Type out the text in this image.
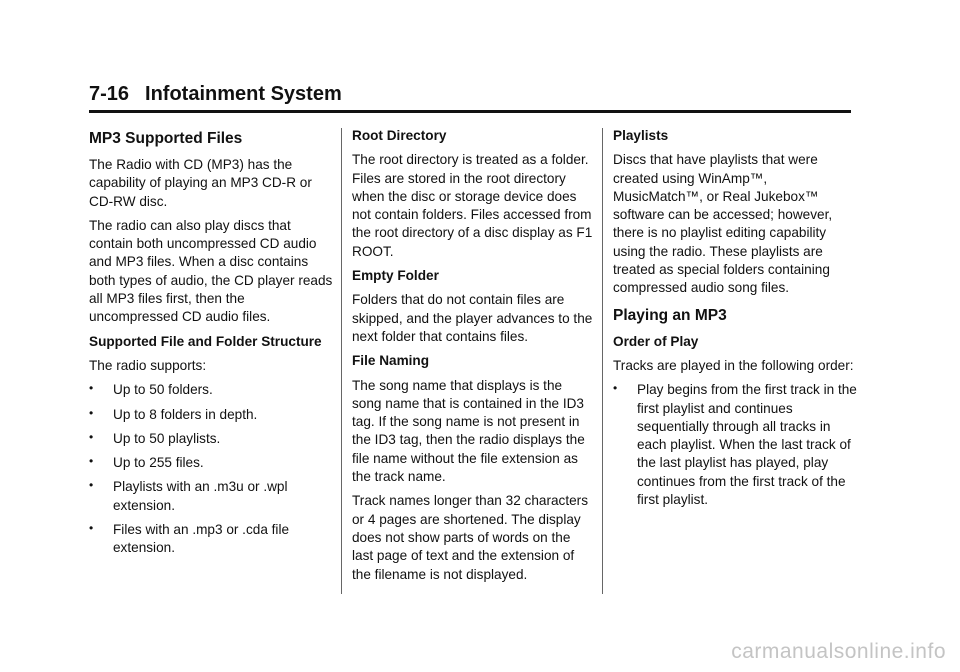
7-16 Infotainment System
MP3 Supported Files

The Radio with CD (MP3) has the capability of playing an MP3 CD-R or CD-RW disc.

The radio can also play discs that contain both uncompressed CD audio and MP3 files. When a disc contains both types of audio, the CD player reads all MP3 files first, then the uncompressed CD audio files.

Supported File and Folder Structure

The radio supports:

• Up to 50 folders.
• Up to 8 folders in depth.
• Up to 50 playlists.
• Up to 255 files.
• Playlists with an .m3u or .wpl extension.
• Files with an .mp3 or .cda file extension.
Root Directory

The root directory is treated as a folder. Files are stored in the root directory when the disc or storage device does not contain folders. Files accessed from the root directory of a disc display as F1 ROOT.

Empty Folder

Folders that do not contain files are skipped, and the player advances to the next folder that contains files.

File Naming

The song name that displays is the song name that is contained in the ID3 tag. If the song name is not present in the ID3 tag, then the radio displays the file name without the file extension as the track name.

Track names longer than 32 characters or 4 pages are shortened. The display does not show parts of words on the last page of text and the extension of the filename is not displayed.

Playlists

Discs that have playlists that were created using WinAmp™, MusicMatch™, or Real Jukebox™ software can be accessed; however, there is no playlist editing capability using the radio. These playlists are treated as special folders containing compressed audio song files.

Playing an MP3
Order of Play

Tracks are played in the following order:

• Play begins from the first track in the first playlist and continues sequentially through all tracks in each playlist. When the last track of the last playlist has played, play continues from the first track of the first playlist.
carmanualsonline.info
